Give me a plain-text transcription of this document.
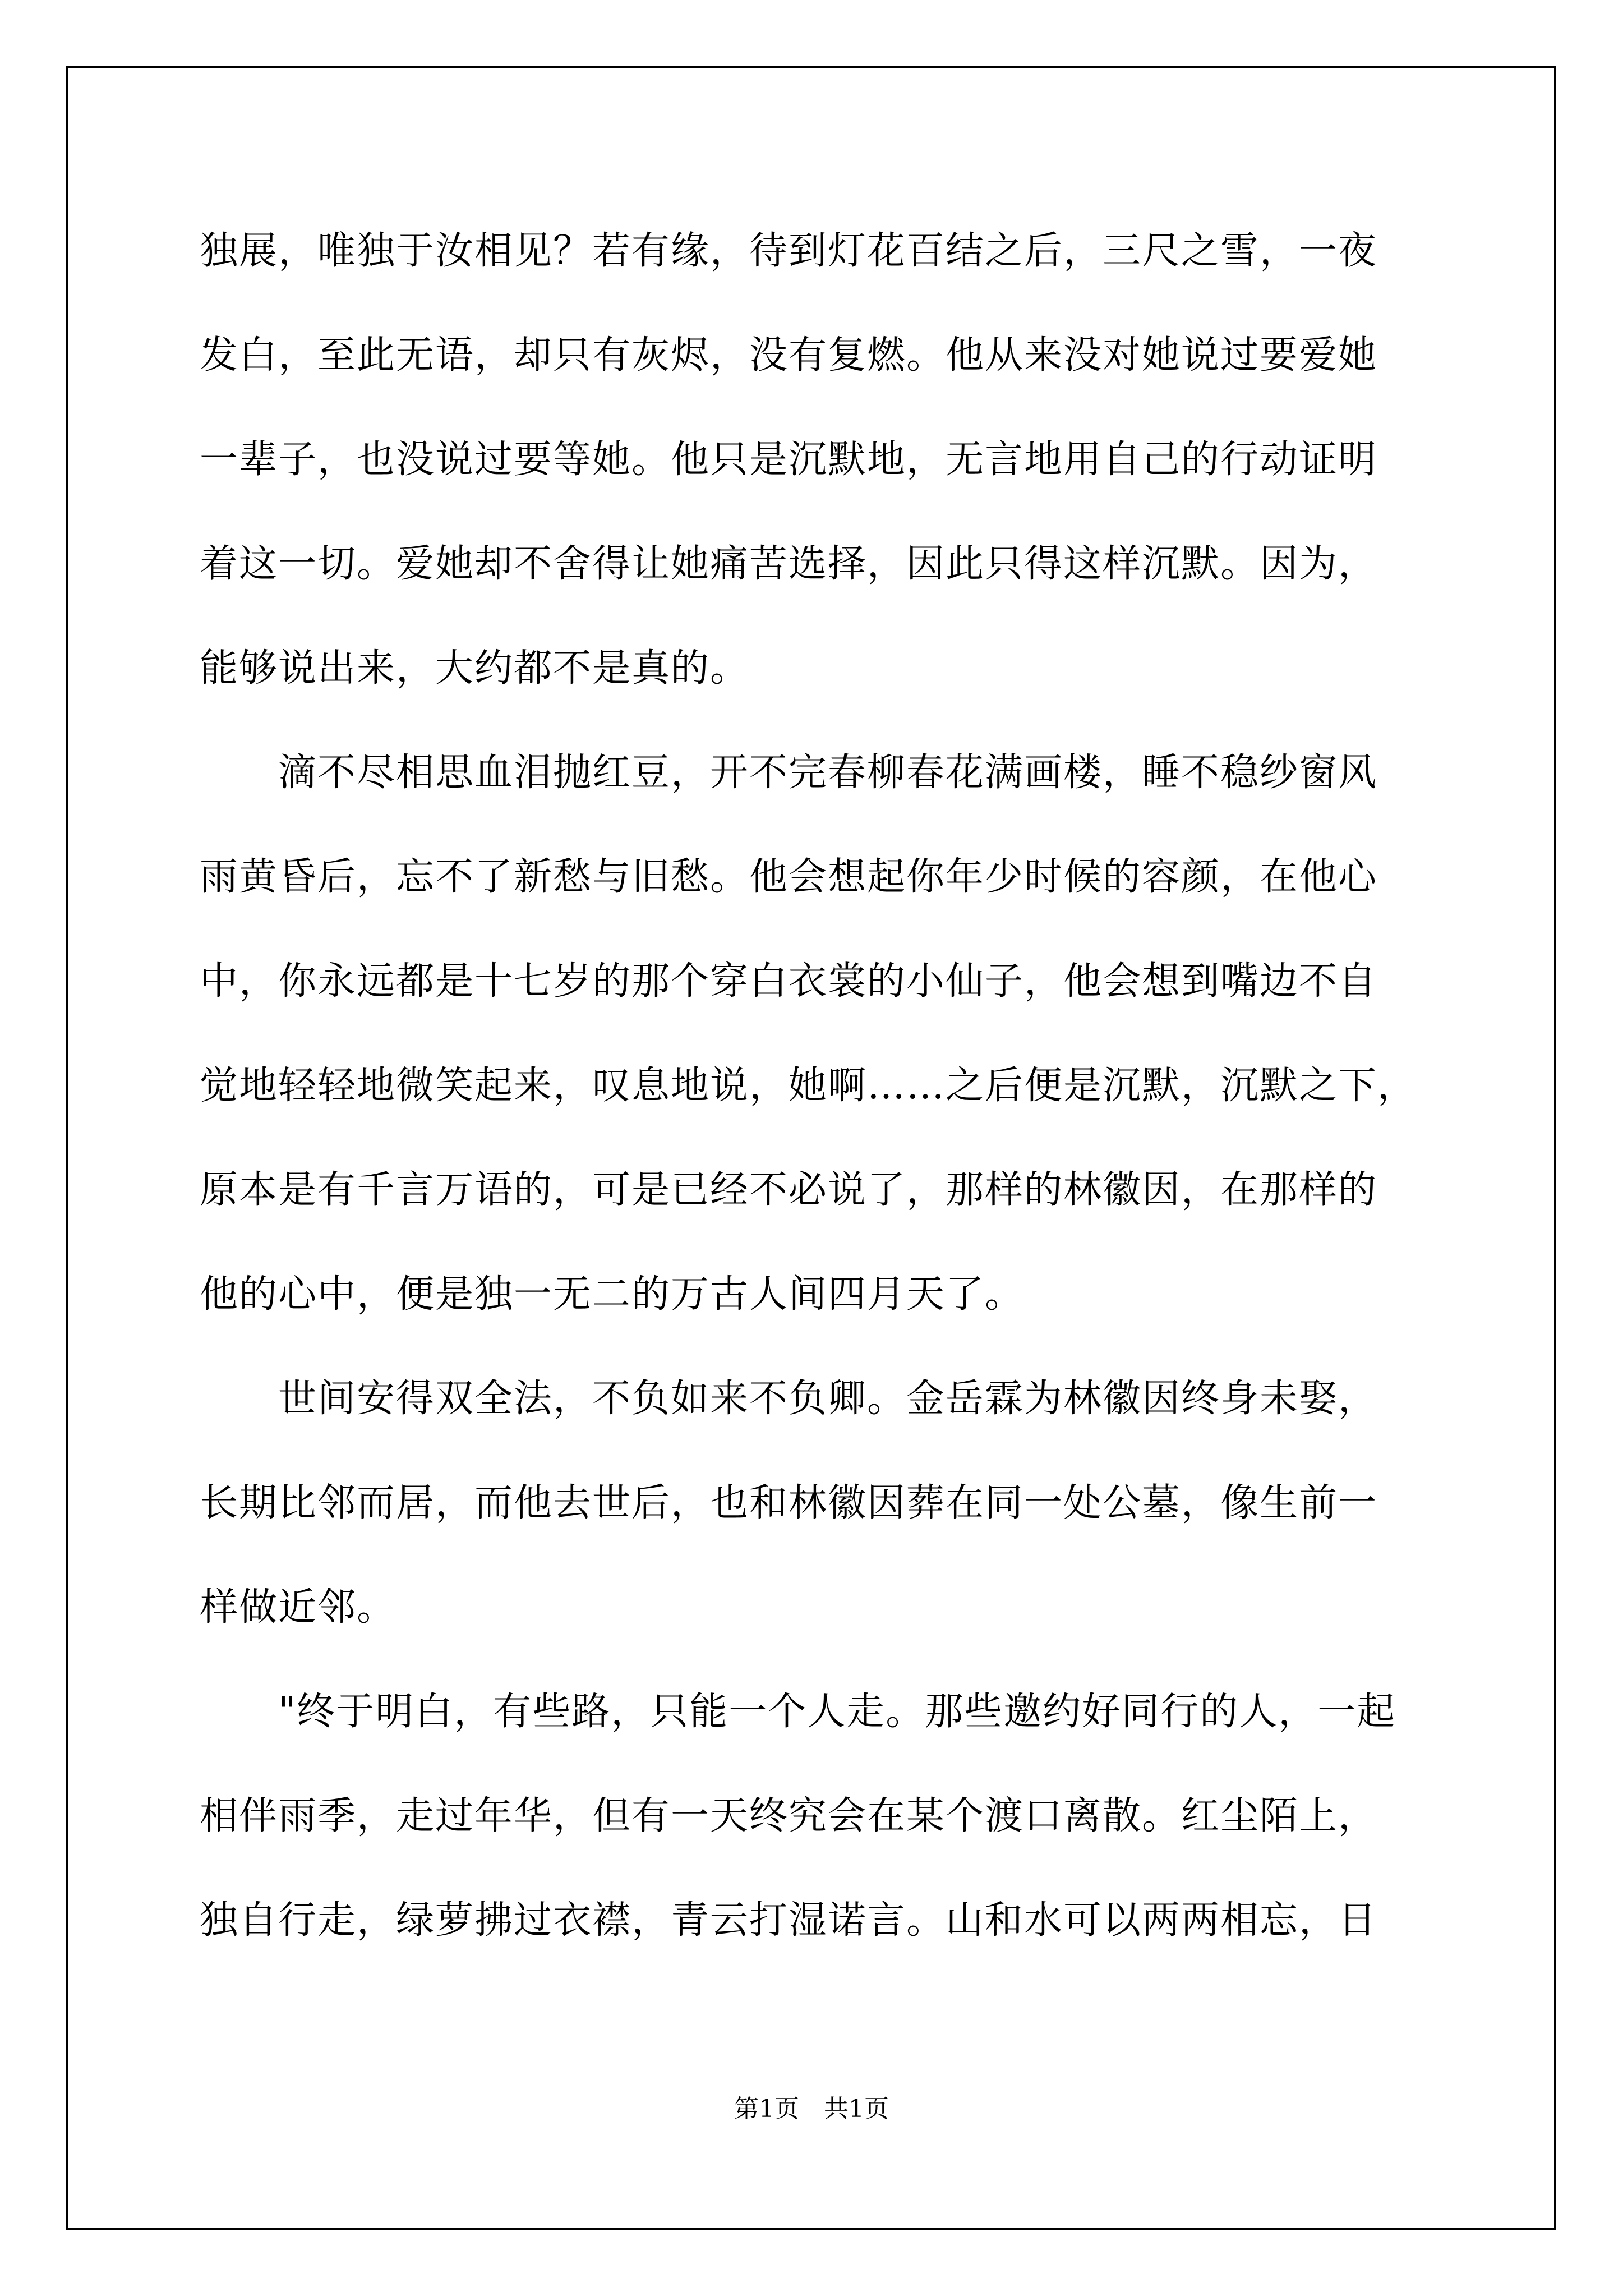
独展，唯独于汝相见？若有缘，待到灯花百结之后，三尺之雪，一夜
发白，至此无语，却只有灰烬，没有复燃。他从来没对她说过要爱她
一辈子，也没说过要等她。他只是沉默地，无言地用自己的行动证明
着这一切。爱她却不舍得让她痛苦选择，因此只得这样沉默。因为，
能够说出来，大约都不是真的。
　　滴不尽相思血泪抛红豆，开不完春柳春花满画楼，睡不稳纱窗风
雨黄昏后，忘不了新愁与旧愁。他会想起你年少时候的容颜，在他心
中，你永远都是十七岁的那个穿白衣裳的小仙子，他会想到嘴边不自
觉地轻轻地微笑起来，叹息地说，她啊……之后便是沉默，沉默之下，
原本是有千言万语的，可是已经不必说了，那样的林徽因，在那样的
他的心中，便是独一无二的万古人间四月天了。
　　世间安得双全法，不负如来不负卿。金岳霖为林徽因终身未娶，
长期比邻而居，而他去世后，也和林徽因葬在同一处公墓，像生前一
样做近邻。
　　"终于明白，有些路，只能一个人走。那些邀约好同行的人，一起
相伴雨季，走过年华，但有一天终究会在某个渡口离散。红尘陌上，
独自行走，绿萝拂过衣襟，青云打湿诺言。山和水可以两两相忘，日
第1页　共1页
